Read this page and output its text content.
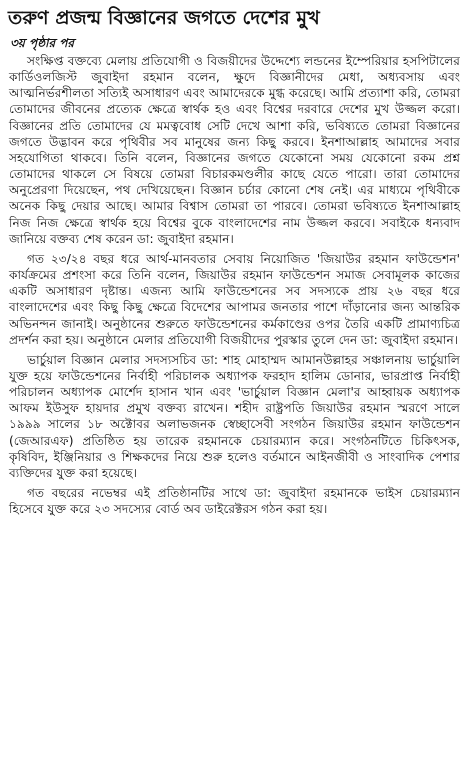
তরুণ প্রজন্ম বিজ্ঞানের জগতে দেশের মুখ

৩য় পৃষ্ঠার পর

সংক্ষিপ্ত বক্তব্যে মেলায় প্রতিযোগী ও বিজয়ীদের উদ্দেশ্যে লন্ডনের ইম্পেরিয়ার হসপিটালের কার্ডিওলজিস্ট জুবাইদা রহমান বলেন, ক্ষুদে বিজ্ঞানীদের মেধা, অধ্যবসায় এবং আত্মনির্ভরশীলতা সত্যিই অসাধারণ এবং আমাদেরকে মুগ্ধ করেছে। আমি প্রত্যাশা করি, তোমরা তোমাদের জীবনের প্রত্যেক ক্ষেত্রে স্বার্থক হও এবং বিশ্বের দরবারে দেশের মুখ উজ্জল করো। বিজ্ঞানের প্রতি তোমাদের যে মমত্ববোধ সেটি দেখে আশা করি, ভবিষ্যতে তোমরা বিজ্ঞানের জগতে উদ্ভাবন করে পৃথিবীর সব মানুষের জন্য কিছু করবে। ইনশাআল্লাহ আমাদের সবার সহযোগিতা থাকবে। তিনি বলেন, বিজ্ঞানের জগতে যেকোনো সময় যেকোনো রকম প্রশ্ন তোমাদের থাকলে সে বিষয়ে তোমরা বিচারকমণ্ডলীর কাছে যেতে পারো। তারা তোমাদের অনুপ্রেরণা দিয়েছেন, পথ দেখিয়েছেন। বিজ্ঞান চর্চার কোনো শেষ নেই। এর মাধ্যমে পৃথিবীকে অনেক কিছু দেয়ার আছে। আমার বিশ্বাস তোমরা তা পারবে। তোমরা ভবিষ্যতে ইনশাআল্লাহ নিজ নিজ ক্ষেত্রে স্বার্থক হয়ে বিশ্বের বুকে বাংলাদেশের নাম উজ্জল করবে। সবাইকে ধন্যবাদ জানিয়ে বক্তব্য শেষ করেন ডা: জুবাইদা রহমান।

গত ২৩/২৪ বছর ধরে আর্থ-মানবতার সেবায় নিয়োজিত 'জিয়াউর রহমান ফাউন্ডেশন' কার্যক্রমের প্রশংসা করে তিনি বলেন, জিয়াউর রহমান ফাউন্ডেশন সমাজ সেবামূলক কাজের একটি অসাধারণ দৃষ্টান্ত। এজন্য আমি ফাউন্ডেশনের সব সদস্যকে প্রায় ২৬ বছর ধরে বাংলাদেশের এবং কিছু কিছু ক্ষেত্রে বিদেশের আপামর জনতার পাশে দাঁড়ানোর জন্য আন্তরিক অভিনন্দন জানাই। অনুষ্ঠানের শুরুতে ফাউন্ডেশনের কর্মকাণ্ডের ওপর তৈরি একটি প্রামাণ্যচিত্র প্রদর্শন করা হয়। অনুষ্ঠানে মেলার প্রতিযোগী বিজয়ীদের পুরস্কার তুলে দেন ডা: জুবাইদা রহমান।

ভার্চুয়াল বিজ্ঞান মেলার সদস্যসচিব ডা: শাহ মোহাম্মদ আমানউল্লাহর সঞ্চালনায় ভার্চুয়ালি যুক্ত হয়ে ফাউন্ডেশনের নির্বাহী পরিচালক অধ্যাপক ফরহাদ হালিম ডোনার, ভারপ্রাপ্ত নির্বাহী পরিচালন অধ্যাপক মোর্শেদ হাসান খান এবং 'ভার্চুয়াল বিজ্ঞান মেলা'র আহ্বায়ক অধ্যাপক আফম ইউসুফ হায়দার প্রমুখ বক্তব্য রাখেন। শহীদ রাষ্ট্রপতি জিয়াউর রহমান স্মরণে সালে ১৯৯৯ সালের ১৮ অক্টোবর অলাভজনক স্বেচ্ছাসেবী সংগঠন জিয়াউর রহমান ফাউন্ডেশন (জেআরএফ) প্রতিষ্ঠিত হয় তারেক রহমানকে চেয়ারম্যান করে। সংগঠনটিতে চিকিৎসক, কৃষিবিদ, ইঞ্জিনিয়ার ও শিক্ষকদের নিয়ে শুরু হলেও বর্তমানে আইনজীবী ও সাংবাদিক পেশার ব্যক্তিদের যুক্ত করা হয়েছে।

গত বছরের নভেম্বর এই প্রতিষ্ঠানটির সাথে ডা: জুবাইদা রহমানকে ভাইস চেয়ারম্যান হিসেবে যুক্ত করে ২৩ সদস্যের বোর্ড অব ডাইরেক্টরস গঠন করা হয়।
